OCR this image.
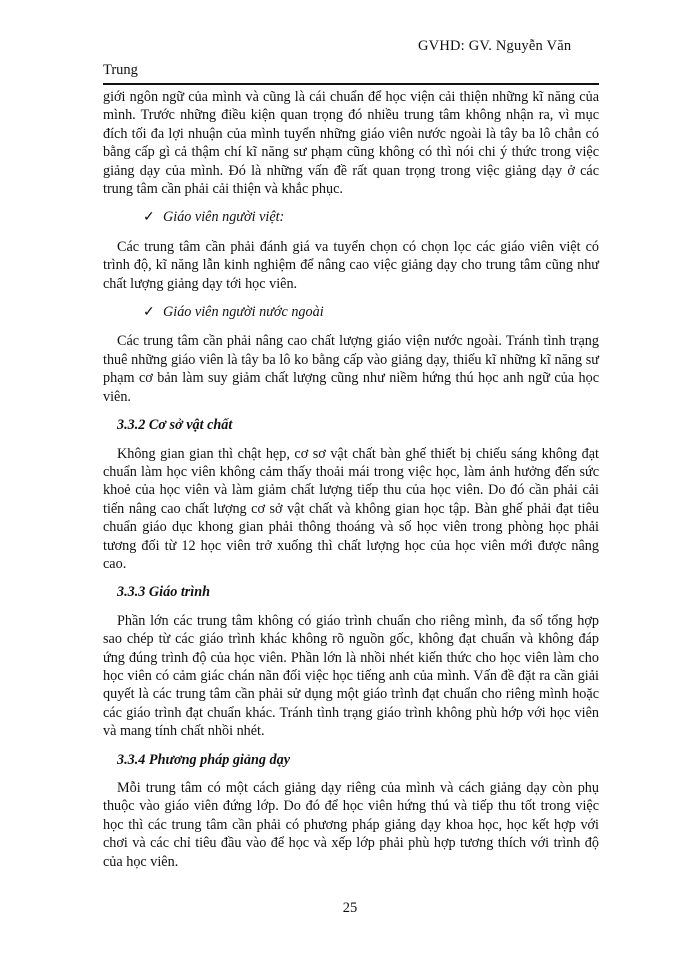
GVHD: GV. Nguyễn Văn
Trung

giới ngôn ngữ của mình và cũng là cái chuẩn để học viện cải thiện những kĩ năng của mình. Trước những điều kiện quan trọng đó nhiều trung tâm không nhận ra, vì mục đích tối đa lợi nhuận của mình tuyển những giáo viên nước ngoài là tây ba lô chẳn có bằng cấp gì cả thậm chí kĩ năng sư phạm cũng không có thì nói chi ý thức trong việc giảng dạy của mình. Đó là những vấn đề rất quan trọng trong việc giảng dạy ở các trung tâm cần phải cải thiện và khắc phục.

✓ Giáo viên người việt:

Các trung tâm cần phải đánh giá va tuyển chọn có chọn lọc các giáo viên việt có trình độ, kĩ năng lẫn kinh nghiệm để nâng cao việc giảng dạy cho trung tâm cũng như chất lượng giảng dạy tới học viên.

✓ Giáo viên người nước ngoài

Các trung tâm cần phải nâng cao chất lượng giáo viện nước ngoài. Tránh tình trạng thuê những giáo viên là tây ba lô ko bằng cấp vào giảng dạy, thiếu kĩ những kĩ năng sư phạm cơ bản làm suy giảm chất lượng cũng như niềm hứng thú học anh ngữ của học viên.

3.3.2 Cơ sở vật chất

Không gian gian thì chật hẹp, cơ sơ vật chất bàn ghế thiết bị chiếu sáng không đạt chuẩn làm học viên không cảm thấy thoải mái trong việc học, làm ảnh hưởng đến sức khoẻ của học viên và làm giảm chất lượng tiếp thu của học viên. Do đó cần phải cải tiến nâng cao chất lượng cơ sở vật chất và không gian học tập. Bàn ghế phải đạt tiêu chuẩn giáo dục khong gian phải thông thoáng và số học viên trong phòng học phải tương đối từ 12 học viên trở xuống thì chất lượng học của học viên mới được nâng cao.

3.3.3 Giáo trình

Phần lớn các trung tâm không có giáo trình chuẩn cho riêng mình, đa số tổng hợp sao chép từ các giáo trình khác không rõ nguồn gốc, không đạt chuẩn và không đáp ứng đúng trình độ của học viên. Phần lớn là nhồi nhét kiến thức cho học viên làm cho học viên có cảm giác chán nãn đối việc học tiếng anh của mình. Vấn đề đặt ra cần giải quyết là các trung tâm cần phải sử dụng một giáo trình đạt chuẩn cho riêng mình hoặc các giáo trình đạt chuẩn khác. Tránh tình trạng giáo trình không phù hớp với học viên và mang tính chất nhồi nhét.

3.3.4 Phương pháp giảng dạy

Mỗi trung tâm có một cách giảng dạy riêng của mình và cách giảng dạy còn phụ thuộc vào giáo viên đứng lớp. Do đó để học viên hứng thú và tiếp thu tốt trong việc học thì các trung tâm cần phải có phương pháp giảng dạy khoa học, học kết hợp với chơi và các chỉ tiêu đầu vào để học và xếp lớp phải phù hợp tương thích với trình độ của học viên.

25
